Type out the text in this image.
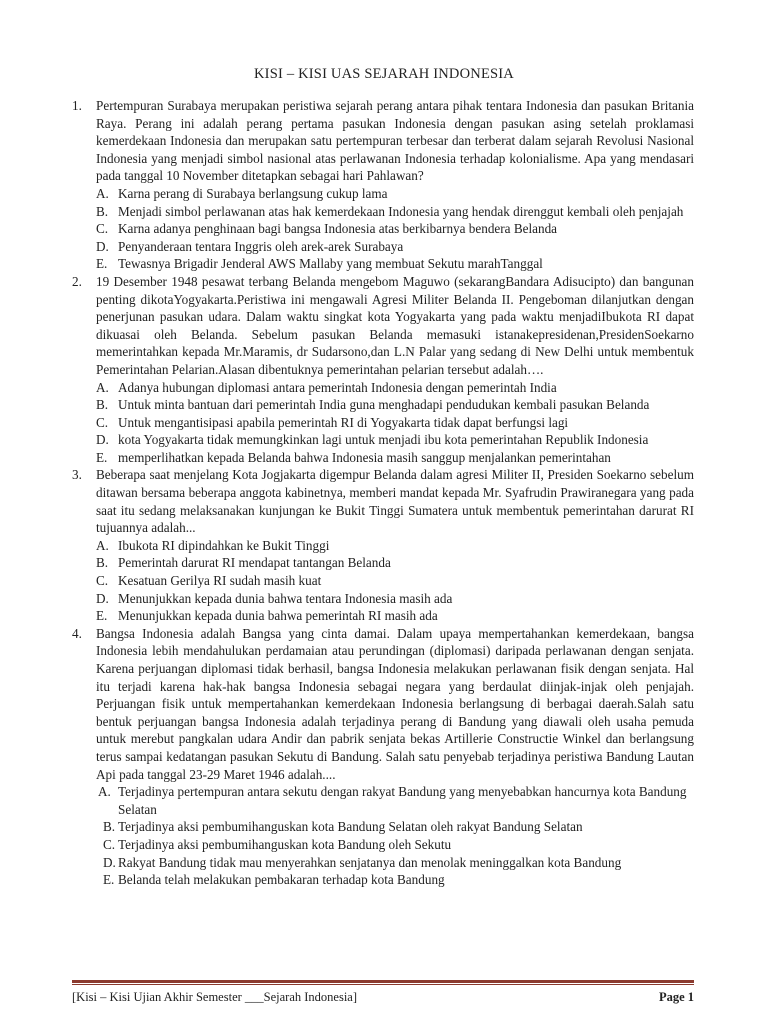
KISI – KISI UAS SEJARAH INDONESIA
1. Pertempuran Surabaya merupakan peristiwa sejarah perang antara pihak tentara Indonesia dan pasukan Britania Raya. Perang ini adalah perang pertama pasukan Indonesia dengan pasukan asing setelah proklamasi kemerdekaan Indonesia dan merupakan satu pertempuran terbesar dan terberat dalam sejarah Revolusi Nasional Indonesia yang menjadi simbol nasional atas perlawanan Indonesia terhadap kolonialisme. Apa yang mendasari pada tanggal 10 November ditetapkan sebagai hari Pahlawan?
A. Karna perang di Surabaya berlangsung cukup lama
B. Menjadi simbol perlawanan atas hak kemerdekaan Indonesia yang hendak direnggut kembali oleh penjajah
C. Karna adanya penghinaan bagi bangsa Indonesia atas berkibarnya bendera Belanda
D. Penyanderaan tentara Inggris oleh arek-arek Surabaya
E. Tewasnya Brigadir Jenderal AWS Mallaby yang membuat Sekutu marahTanggal
2. 19 Desember 1948 pesawat terbang Belanda mengebom Maguwo (sekarangBandara Adisucipto) dan bangunan penting dikotaYogyakarta.Peristiwa ini mengawali Agresi Militer Belanda II. Pengeboman dilanjutkan dengan penerjunan pasukan udara. Dalam waktu singkat kota Yogyakarta yang pada waktu menjadiIbukota RI dapat dikuasai oleh Belanda. Sebelum pasukan Belanda memasuki istanakepresidenan,PresidenSoekarno memerintahkan kepada Mr.Maramis, dr Sudarsono,dan L.N Palar yang sedang di New Delhi untuk membentuk Pemerintahan Pelarian.Alasan dibentuknya pemerintahan pelarian tersebut adalah….
A. Adanya hubungan diplomasi antara pemerintah Indonesia dengan pemerintah India
B. Untuk minta bantuan dari pemerintah India guna menghadapi pendudukan kembali pasukan Belanda
C. Untuk mengantisipasi apabila pemerintah RI di Yogyakarta tidak dapat berfungsi lagi
D. kota Yogyakarta tidak memungkinkan lagi untuk menjadi ibu kota pemerintahan Republik Indonesia
E. memperlihatkan kepada Belanda bahwa Indonesia masih sanggup menjalankan pemerintahan
3. Beberapa saat menjelang Kota Jogjakarta digempur Belanda dalam agresi Militer II, Presiden Soekarno sebelum ditawan bersama beberapa anggota kabinetnya, memberi mandat kepada Mr. Syafrudin Prawiranegara yang pada saat itu sedang melaksanakan kunjungan ke Bukit Tinggi Sumatera untuk membentuk pemerintahan darurat RI tujuannya adalah...
A. Ibukota RI dipindahkan ke Bukit Tinggi
B. Pemerintah darurat RI mendapat tantangan Belanda
C. Kesatuan Gerilya RI sudah masih kuat
D. Menunjukkan kepada dunia bahwa tentara Indonesia masih ada
E. Menunjukkan kepada dunia bahwa pemerintah RI masih ada
4. Bangsa Indonesia adalah Bangsa yang cinta damai. Dalam upaya mempertahankan kemerdekaan, bangsa Indonesia lebih mendahulukan perdamaian atau perundingan (diplomasi) daripada perlawanan dengan senjata. Karena perjuangan diplomasi tidak berhasil, bangsa Indonesia melakukan perlawanan fisik dengan senjata. Hal itu terjadi karena hak-hak bangsa Indonesia sebagai negara yang berdaulat diinjak-injak oleh penjajah. Perjuangan fisik untuk mempertahankan kemerdekaan Indonesia berlangsung di berbagai daerah.Salah satu bentuk perjuangan bangsa Indonesia adalah terjadinya perang di Bandung yang diawali oleh usaha pemuda untuk merebut pangkalan udara Andir dan pabrik senjata bekas Artillerie Constructie Winkel dan berlangsung terus sampai kedatangan pasukan Sekutu di Bandung. Salah satu penyebab terjadinya peristiwa Bandung Lautan Api pada tanggal 23-29 Maret 1946 adalah....
A. Terjadinya pertempuran antara sekutu dengan rakyat Bandung yang menyebabkan hancurnya kota Bandung Selatan
B. Terjadinya aksi pembumihanguskan kota Bandung Selatan oleh rakyat Bandung Selatan
C. Terjadinya aksi pembumihanguskan kota Bandung oleh Sekutu
D. Rakyat Bandung tidak mau menyerahkan senjatanya dan menolak meninggalkan kota Bandung
E. Belanda telah melakukan pembakaran terhadap kota Bandung
[Kisi – Kisi Ujian Akhir Semester ___Sejarah Indonesia]	Page 1
